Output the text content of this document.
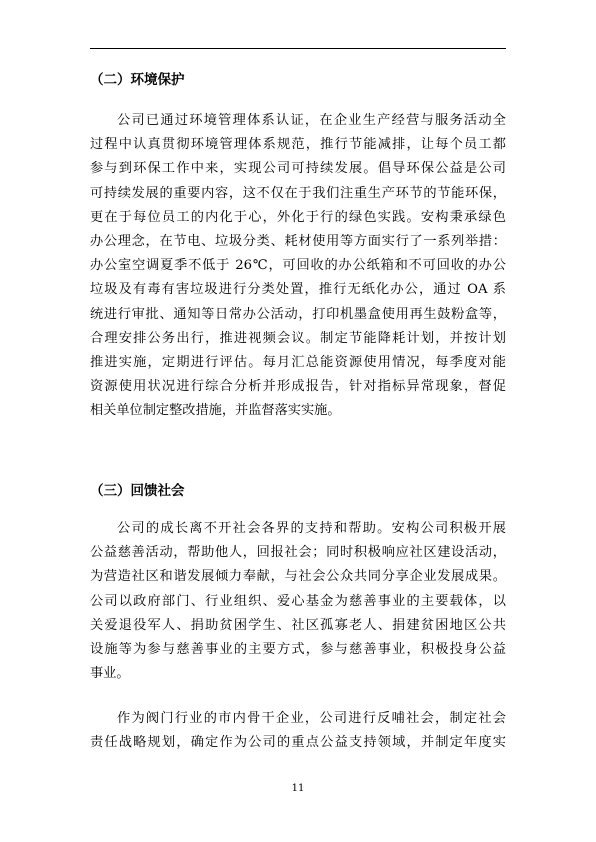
（二）环境保护
公司已通过环境管理体系认证，在企业生产经营与服务活动全
过程中认真贯彻环境管理体系规范，推行节能减排，让每个员工都
参与到环保工作中来，实现公司可持续发展。倡导环保公益是公司
可持续发展的重要内容，这不仅在于我们注重生产环节的节能环保，
更在于每位员工的内化于心，外化于行的绿色实践。安构秉承绿色
办公理念，在节电、垃圾分类、耗材使用等方面实行了一系列举措：
办公室空调夏季不低于 26℃，可回收的办公纸箱和不可回收的办公
垃圾及有毒有害垃圾进行分类处置，推行无纸化办公，通过 OA 系
统进行审批、通知等日常办公活动，打印机墨盒使用再生鼓粉盒等，
合理安排公务出行，推进视频会议。制定节能降耗计划，并按计划
推进实施，定期进行评估。每月汇总能资源使用情况，每季度对能
资源使用状况进行综合分析并形成报告，针对指标异常现象，督促
相关单位制定整改措施，并监督落实实施。
（三）回馈社会
公司的成长离不开社会各界的支持和帮助。安构公司积极开展
公益慈善活动，帮助他人，回报社会；同时积极响应社区建设活动，
为营造社区和谐发展倾力奉献，与社会公众共同分享企业发展成果。
公司以政府部门、行业组织、爱心基金为慈善事业的主要载体，以
关爱退役军人、捐助贫困学生、社区孤寡老人、捐建贫困地区公共
设施等为参与慈善事业的主要方式，参与慈善事业，积极投身公益
事业。
作为阀门行业的市内骨干企业，公司进行反哺社会，制定社会
责任战略规划，确定作为公司的重点公益支持领域，并制定年度实
11
